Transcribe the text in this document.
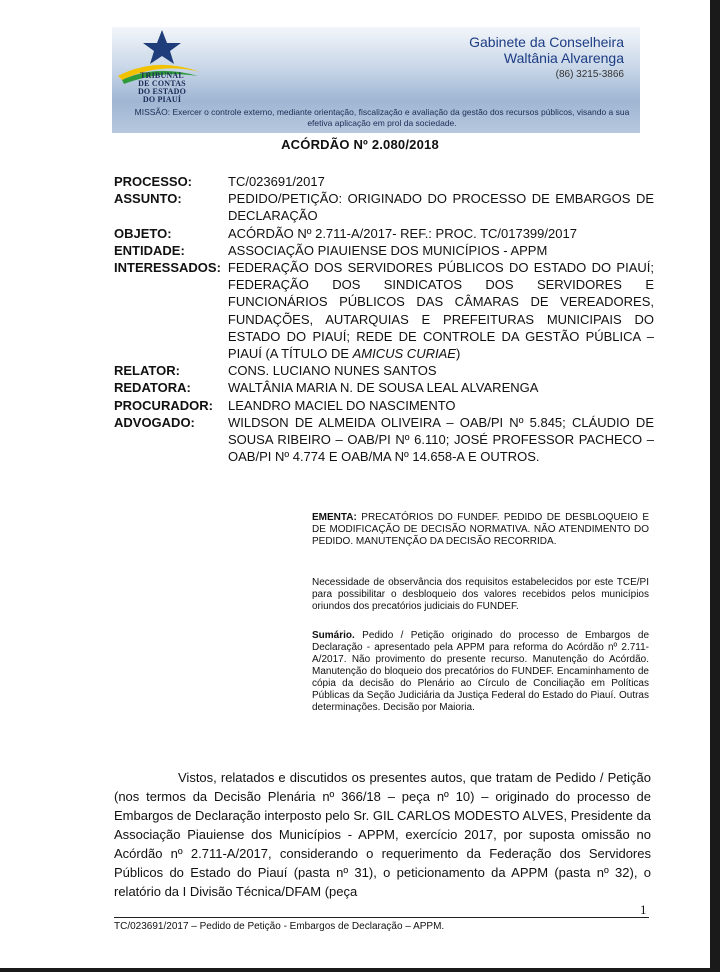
TRIBUNAL
DE CONTAS
DO ESTADO
DO PIAUÍ
Gabinete da Conselheira
Waltânia Alvarenga
(86) 3215-3866
MISSÃO: Exercer o controle externo, mediante orientação, fiscalização e avaliação da gestão dos recursos públicos, visando a sua efetiva aplicação em prol da sociedade.
ACÓRDÃO Nº 2.080/2018
PROCESSO:	TC/023691/2017
ASSUNTO:	PEDIDO/PETIÇÃO: ORIGINADO DO PROCESSO DE EMBARGOS DE DECLARAÇÃO
OBJETO:	ACÓRDÃO Nº 2.711-A/2017- REF.: PROC. TC/017399/2017
ENTIDADE:	ASSOCIAÇÃO PIAUIENSE DOS MUNICÍPIOS - APPM
INTERESSADOS: FEDERAÇÃO DOS SERVIDORES PÚBLICOS DO ESTADO DO PIAUÍ; FEDERAÇÃO DOS SINDICATOS DOS SERVIDORES E FUNCIONÁRIOS PÚBLICOS DAS CÂMARAS DE VEREADORES, FUNDAÇÕES, AUTARQUIAS E PREFEITURAS MUNICIPAIS DO ESTADO DO PIAUÍ; REDE DE CONTROLE DA GESTÃO PÚBLICA – PIAUÍ (A TÍTULO DE AMICUS CURIAE)
RELATOR:	CONS. LUCIANO NUNES SANTOS
REDATORA:	WALTÂNIA MARIA N. DE SOUSA LEAL ALVARENGA
PROCURADOR:	LEANDRO MACIEL DO NASCIMENTO
ADVOGADO:	WILDSON DE ALMEIDA OLIVEIRA – OAB/PI Nº 5.845; CLÁUDIO DE SOUSA RIBEIRO – OAB/PI Nº 6.110; JOSÉ PROFESSOR PACHECO – OAB/PI Nº 4.774 E OAB/MA Nº 14.658-A E OUTROS.
EMENTA: PRECATÓRIOS DO FUNDEF. PEDIDO DE DESBLOQUEIO E DE MODIFICAÇÃO DE DECISÃO NORMATIVA. NÃO ATENDIMENTO DO PEDIDO. MANUTENÇÃO DA DECISÃO RECORRIDA.
Necessidade de observância dos requisitos estabelecidos por este TCE/PI para possibilitar o desbloqueio dos valores recebidos pelos municípios oriundos dos precatórios judiciais do FUNDEF.
Sumário. Pedido / Petição originado do processo de Embargos de Declaração - apresentado pela APPM para reforma do Acórdão nº 2.711-A/2017. Não provimento do presente recurso. Manutenção do Acórdão. Manutenção do bloqueio dos precatórios do FUNDEF. Encaminhamento de cópia da decisão do Plenário ao Círculo de Conciliação em Políticas Públicas da Seção Judiciária da Justiça Federal do Estado do Piauí. Outras determinações. Decisão por Maioria.

Vistos, relatados e discutidos os presentes autos, que tratam de Pedido / Petição (nos termos da Decisão Plenária nº 366/18 – peça nº 10) – originado do processo de Embargos de Declaração interposto pelo Sr. GIL CARLOS MODESTO ALVES, Presidente da Associação Piauiense dos Municípios - APPM, exercício 2017, por suposta omissão no Acórdão nº 2.711-A/2017, considerando o requerimento da Federação dos Servidores Públicos do Estado do Piauí (pasta nº 31), o peticionamento da APPM (pasta nº 32), o relatório da I Divisão Técnica/DFAM (peça

1
TC/023691/2017 – Pedido de Petição - Embargos de Declaração – APPM.
